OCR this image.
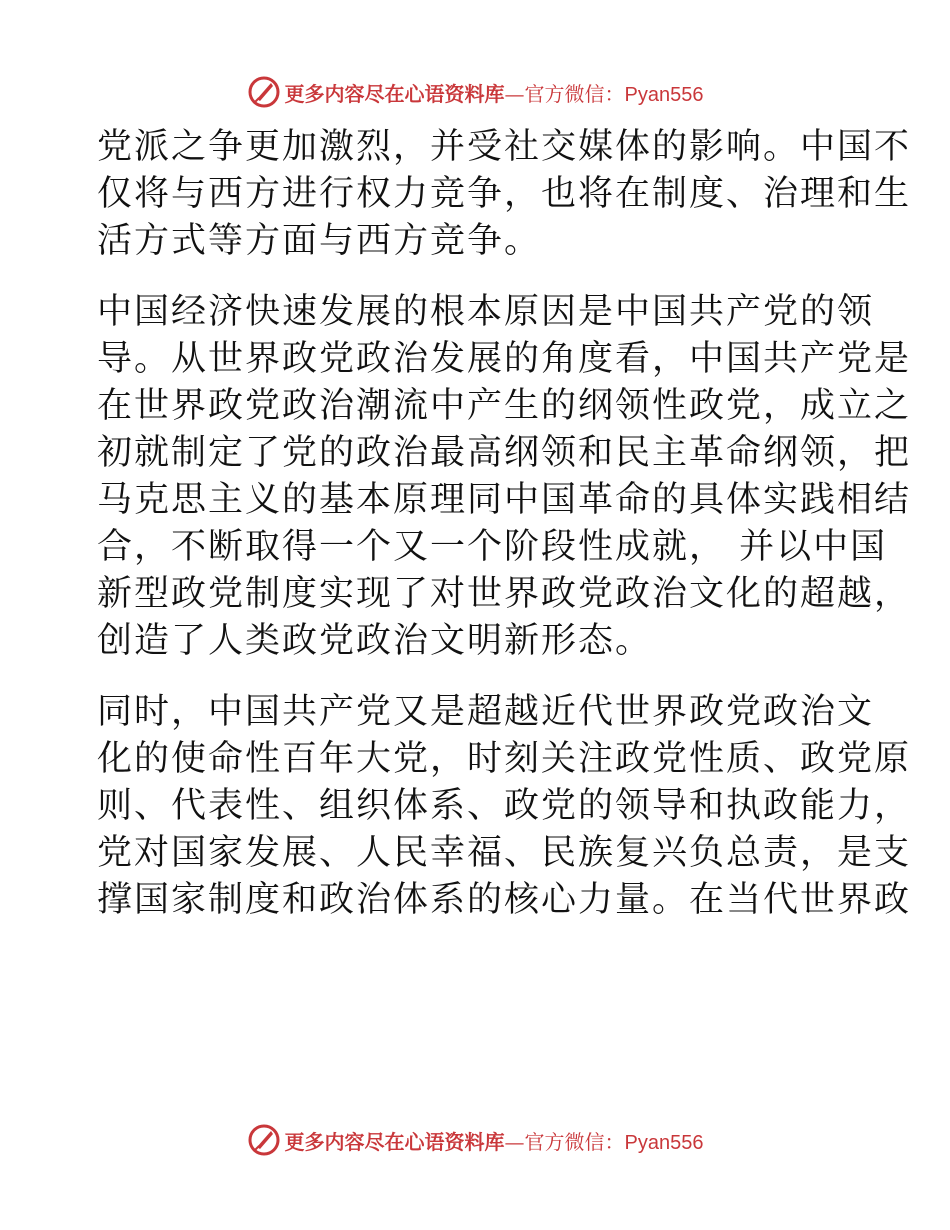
更多内容尽在心语资料库 — 官方微信： Pyan556

党派之争更加激烈，并受社交媒体的影响。中国不
仅将与西方进行权力竞争，也将在制度、治理和生
活方式等方面与西方竞争。

中国经济快速发展的根本原因是中国共产党的领
导。从世界政党政治发展的角度看，中国共产党是
在世界政党政治潮流中产生的纲领性政党，成立之
初就制定了党的政治最高纲领和民主革命纲领，把
马克思主义的基本原理同中国革命的具体实践相结
合，不断取得一个又一个阶段性成就， 并以中国
新型政党制度实现了对世界政党政治文化的超越，
创造了人类政党政治文明新形态。

同时，中国共产党又是超越近代世界政党政治文
化的使命性百年大党，时刻关注政党性质、政党原
则、代表性、组织体系、政党的领导和执政能力，
党对国家发展、人民幸福、民族复兴负总责，是支
撑国家制度和政治体系的核心力量。在当代世界政

更多内容尽在心语资料库 — 官方微信： Pyan556
